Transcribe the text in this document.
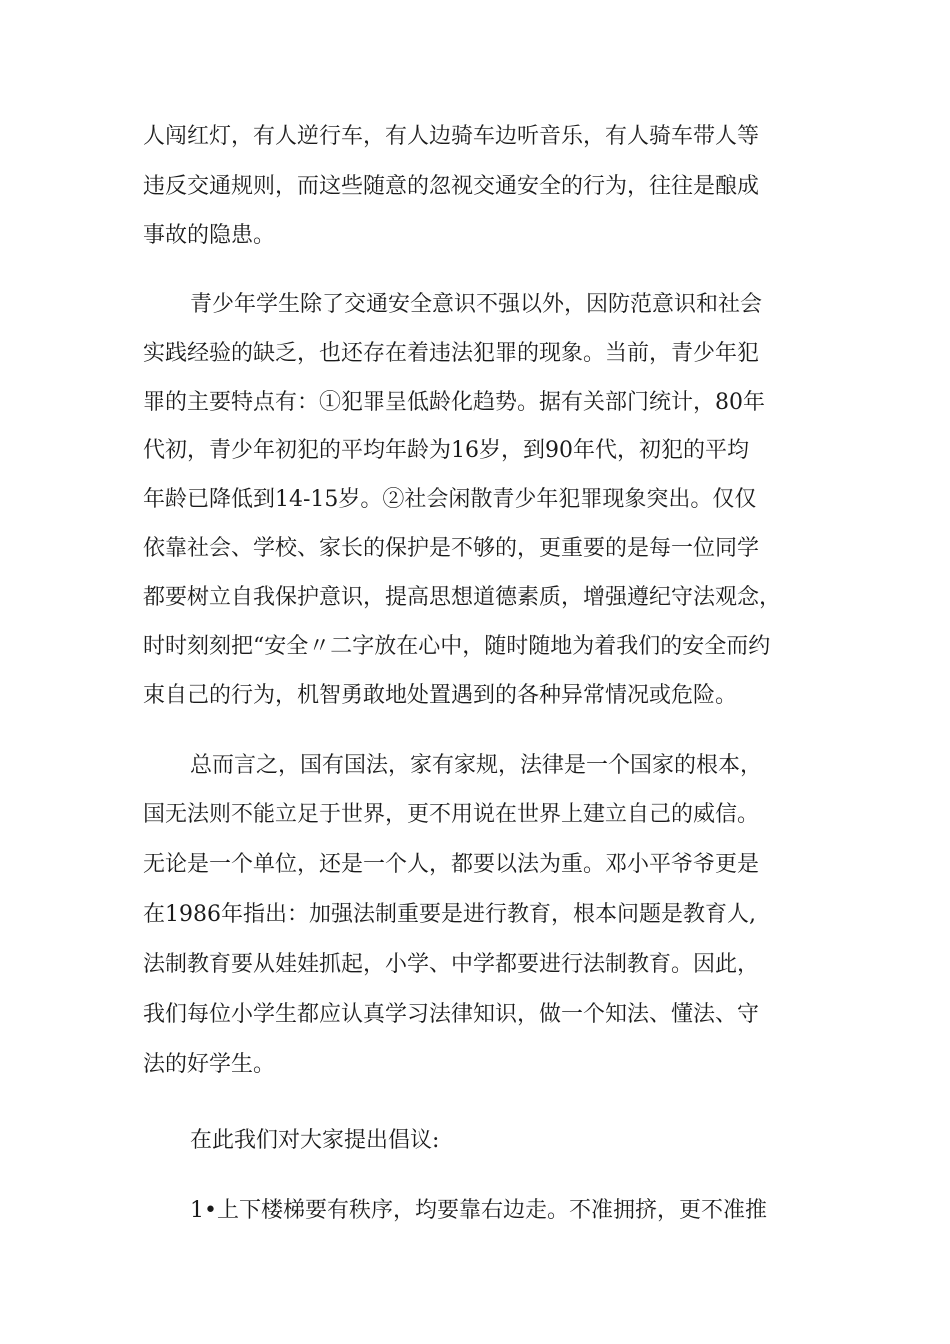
人闯红灯，有人逆行车，有人边骑车边听音乐，有人骑车带人等
违反交通规则，而这些随意的忽视交通安全的行为，往往是酿成
事故的隐患。
青少年学生除了交通安全意识不强以外，因防范意识和社会
实践经验的缺乏，也还存在着违法犯罪的现象。当前，青少年犯
罪的主要特点有：①犯罪呈低龄化趋势。据有关部门统计，80年
代初，青少年初犯的平均年龄为16岁，到90年代，初犯的平均
年龄已降低到14-15岁。②社会闲散青少年犯罪现象突出。仅仅
依靠社会、学校、家长的保护是不够的，更重要的是每一位同学
都要树立自我保护意识，提高思想道德素质，增强遵纪守法观念，
时时刻刻把“安全〃二字放在心中，随时随地为着我们的安全而约
束自己的行为，机智勇敢地处置遇到的各种异常情况或危险。
总而言之，国有国法，家有家规，法律是一个国家的根本，
国无法则不能立足于世界，更不用说在世界上建立自己的威信。
无论是一个单位，还是一个人，都要以法为重。邓小平爷爷更是
在1986年指出：加强法制重要是进行教育，根本问题是教育人,
法制教育要从娃娃抓起，小学、中学都要进行法制教育。因此，
我们每位小学生都应认真学习法律知识，做一个知法、懂法、守
法的好学生。
在此我们对大家提出倡议:
1•上下楼梯要有秩序，均要靠右边走。不准拥挤，更不准推
